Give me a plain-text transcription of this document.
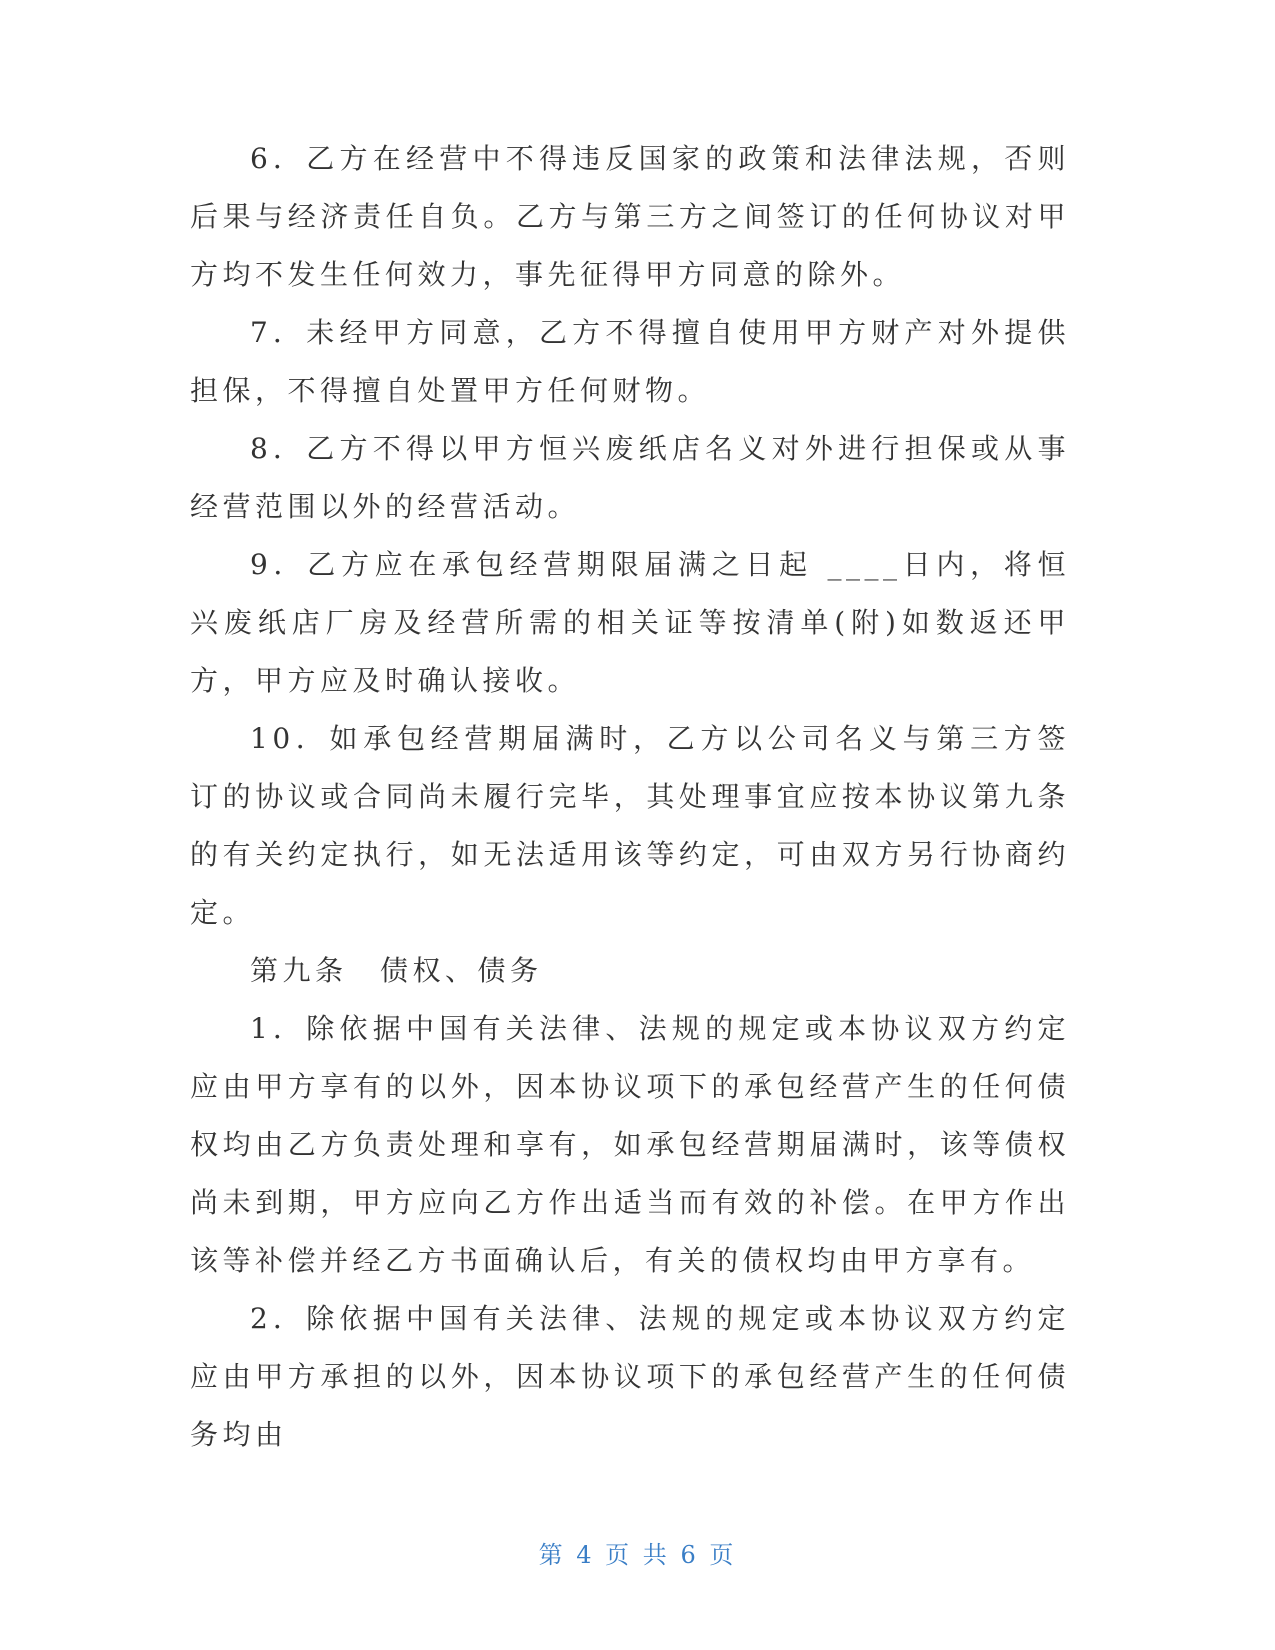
6．乙方在经营中不得违反国家的政策和法律法规，否则后果与经济责任自负。乙方与第三方之间签订的任何协议对甲方均不发生任何效力，事先征得甲方同意的除外。

7．未经甲方同意，乙方不得擅自使用甲方财产对外提供担保，不得擅自处置甲方任何财物。

8．乙方不得以甲方恒兴废纸店名义对外进行担保或从事经营范围以外的经营活动。

9．乙方应在承包经营期限届满之日起 ____日内，将恒兴废纸店厂房及经营所需的相关证等按清单(附)如数返还甲方，甲方应及时确认接收。

10．如承包经营期届满时，乙方以公司名义与第三方签订的协议或合同尚未履行完毕，其处理事宜应按本协议第九条的有关约定执行，如无法适用该等约定，可由双方另行协商约定。

第九条　债权、债务

1．除依据中国有关法律、法规的规定或本协议双方约定应由甲方享有的以外，因本协议项下的承包经营产生的任何债权均由乙方负责处理和享有，如承包经营期届满时，该等债权尚未到期，甲方应向乙方作出适当而有效的补偿。在甲方作出该等补偿并经乙方书面确认后，有关的债权均由甲方享有。

2．除依据中国有关法律、法规的规定或本协议双方约定应由甲方承担的以外，因本协议项下的承包经营产生的任何债务均由

第 4 页 共 6 页
